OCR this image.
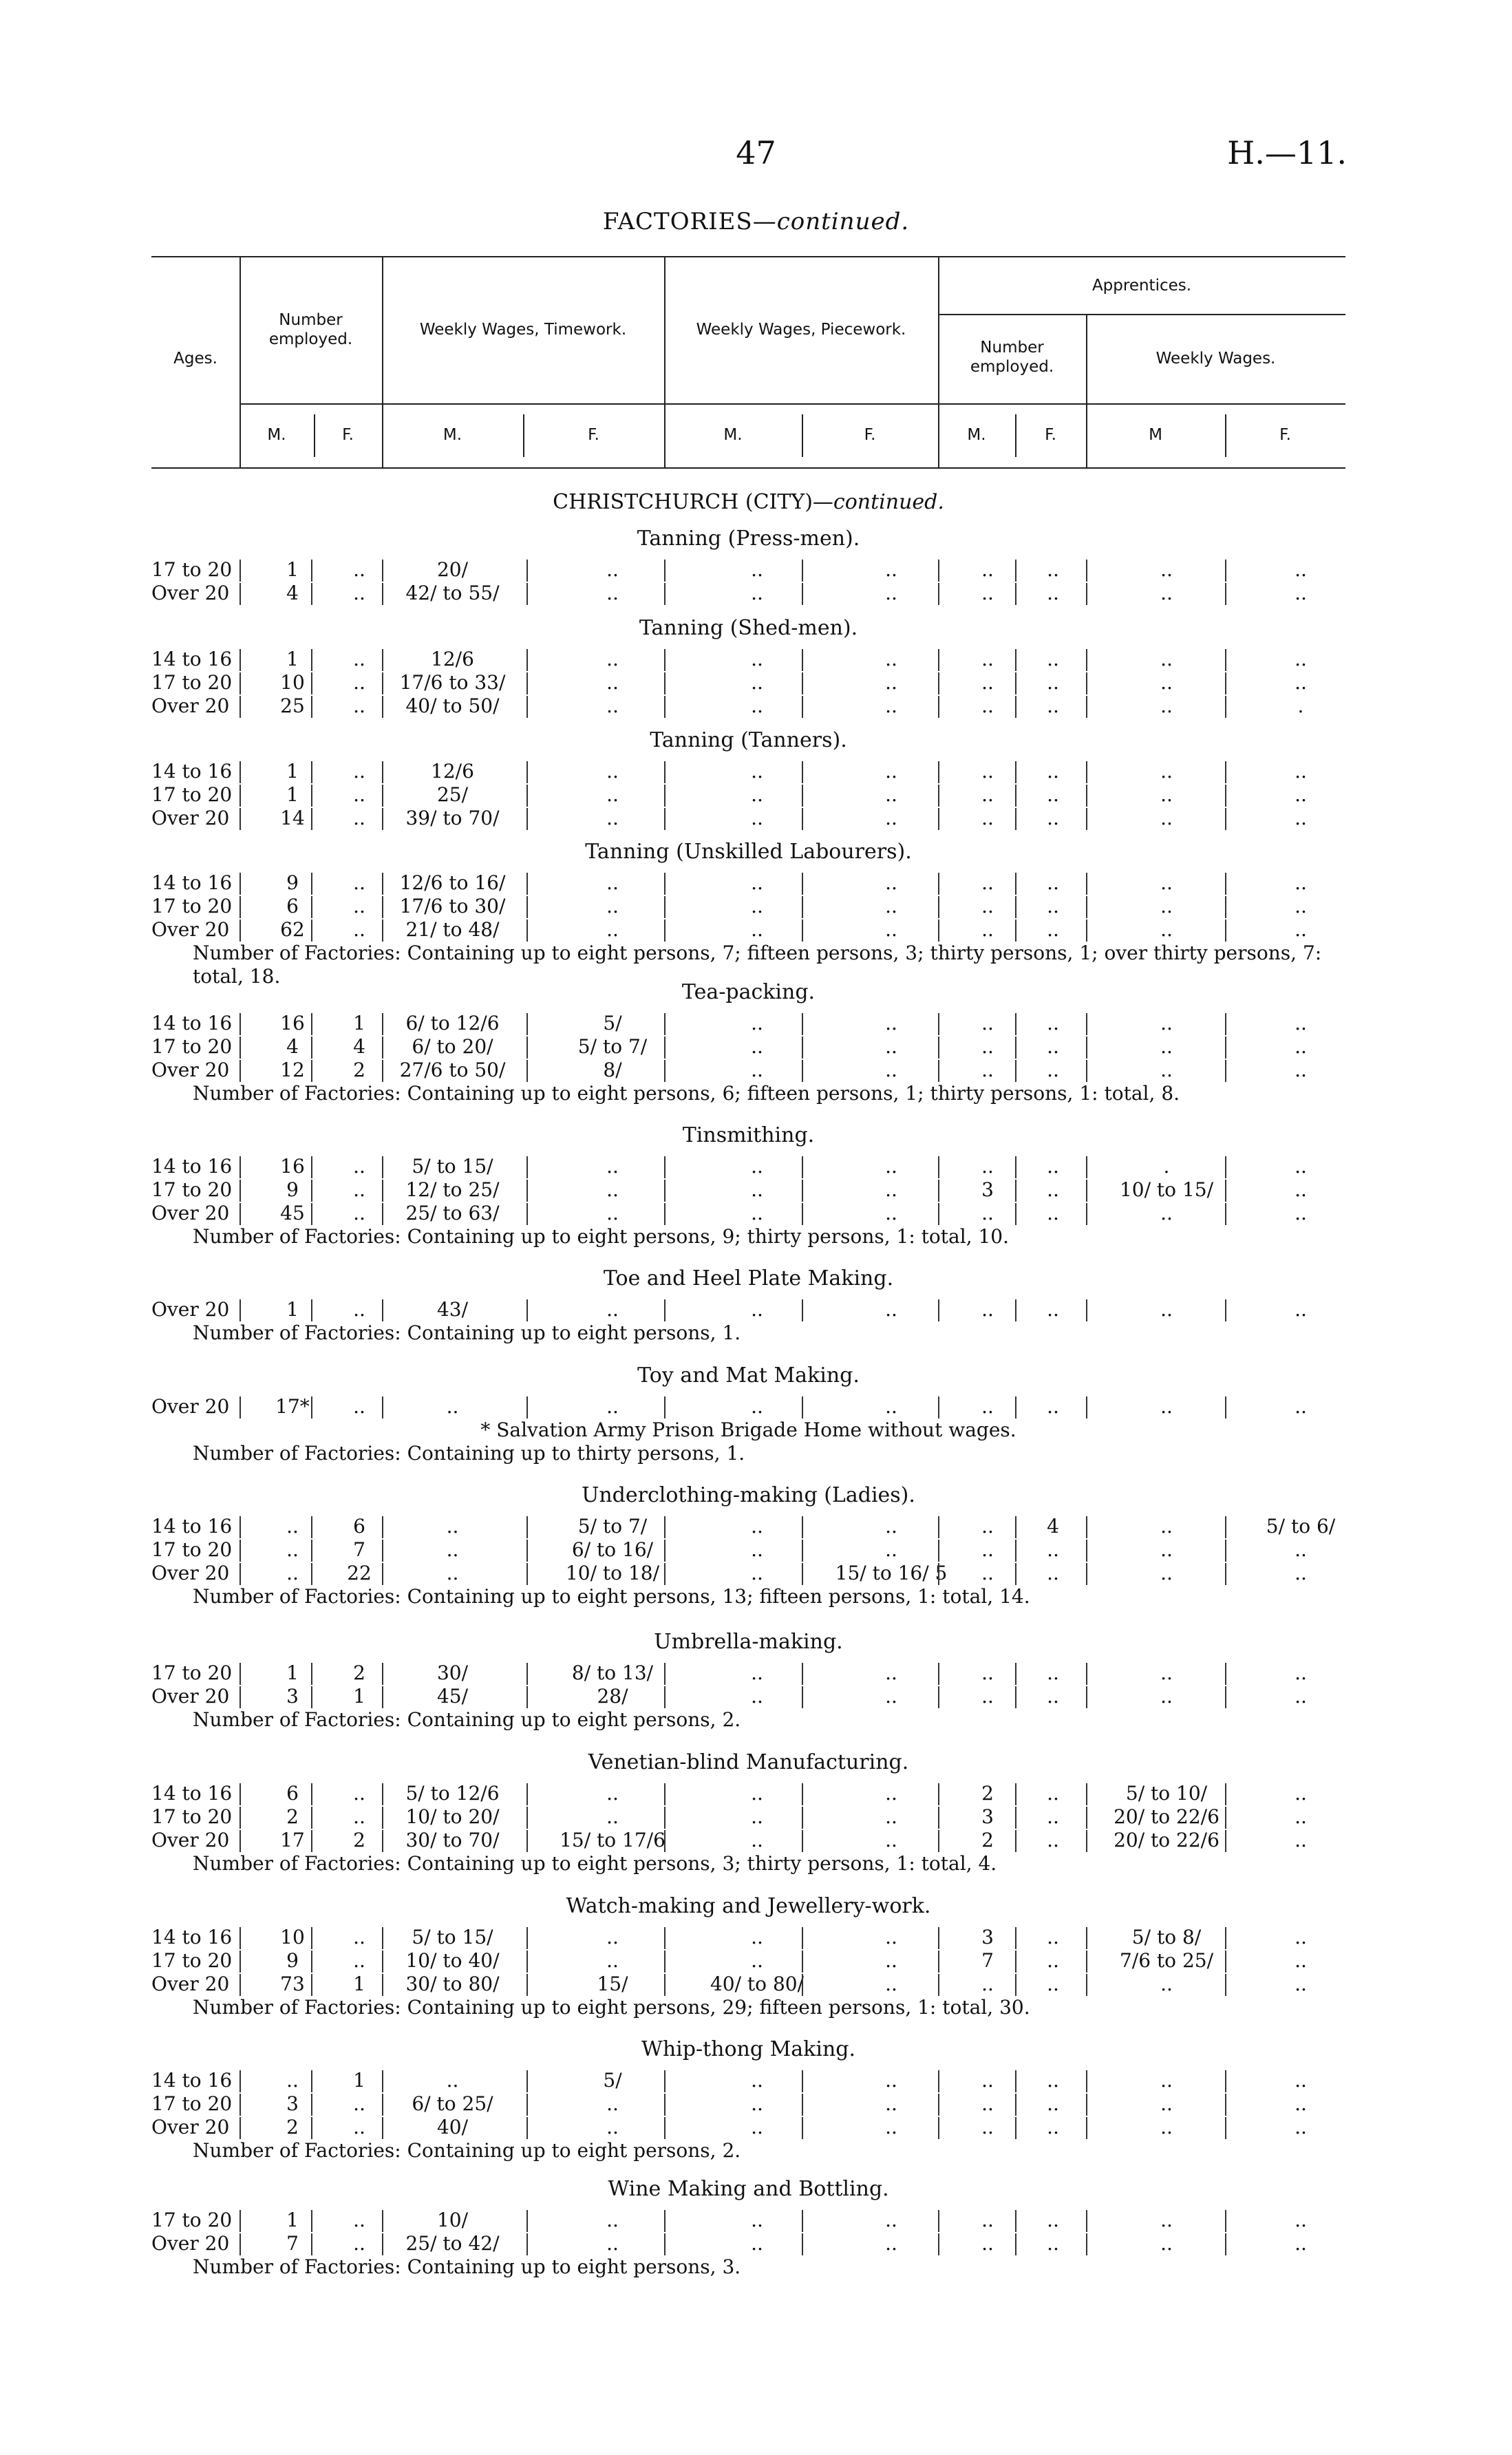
47	H.—11.
FACTORIES—continued.
Ages.
Number employed.
Weekly Wages, Timework.	Weekly Wages, Piecework.
Apprentices.
Number employed.	Weekly Wages.
M.	F.	M.	F.	M.	F.	M.	F.	M	F.
CHRISTCHURCH (CITY)—continued.
Tanning (Press-men).
17 to 20	1	..	20/	..	..	..	..	..	..	..
Over 20	4	..	42/ to 55/	..	..	..	..	..	..	..
Tanning (Shed-men).
14 to 16	1	..	12/6	..	..	..	..	..	..	..
17 to 20	10	..	17/6 to 33/	..	..	..	..	..	..	..
Over 20	25	..	40/ to 50/	..	..	..	..	..	..	.
Tanning (Tanners).
14 to 16	1	..	12/6	..	..	..	..	..	..	..
17 to 20	1	..	25/	..	..	..	..	..	..	..
Over 20	14	..	39/ to 70/	..	..	..	..	..	..	..
Tanning (Unskilled Labourers).
14 to 16	9	..	12/6 to 16/	..	..	..	..	..	..	..
17 to 20	6	..	17/6 to 30/	..	..	..	..	..	..	..
Over 20	62	..	21/ to 48/	..	..	..	..	..	..	..
Number of Factories: Containing up to eight persons, 7; fifteen persons, 3; thirty persons, 1; over thirty persons, 7: total, 18.
Tea-packing.
14 to 16	16	1	6/ to 12/6	5/	..	..	..	..	..	..
17 to 20	4	4	6/ to 20/	5/ to 7/	..	..	..	..	..	..
Over 20	12	2	27/6 to 50/	8/	..	..	..	..	..	..
Number of Factories: Containing up to eight persons, 6; fifteen persons, 1; thirty persons, 1: total, 8.
Tinsmithing.
14 to 16	16	..	5/ to 15/	..	..	..	..	..	.	..
17 to 20	9	..	12/ to 25/	..	..	..	3	..	10/ to 15/	..
Over 20	45	..	25/ to 63/	..	..	..	..	..	..	..
Number of Factories: Containing up to eight persons, 9; thirty persons, 1: total, 10.
Toe and Heel Plate Making.
Over 20	1	..	43/	..	..	..	..	..	..	..
Number of Factories: Containing up to eight persons, 1.
Toy and Mat Making.
Over 20 17*	..	..	..	..	..	..	..	..	..
* Salvation Army Prison Brigade Home without wages.
Number of Factories: Containing up to thirty persons, 1.
Underclothing-making (Ladies).
14 to 16	..	6	..	5/ to 7/	..	..	..	4	..	5/ to 6/
17 to 20	..	7	..	6/ to 16/	..	..	..	..	..	..
Over 20	..	22	..	10/ to 18/	..	15/ to 16/ 5	..	..	..	..
Number of Factories: Containing up to eight persons, 13; fifteen persons, 1: total, 14.
Umbrella-making.
17 to 20	1	2	30/	8/ to 13/	..	..	..	..	..	..
Over 20	3	1	45/	28/	..	..	..	..	..	..
Number of Factories: Containing up to eight persons, 2.
Venetian-blind Manufacturing.
14 to 16	6	..	5/ to 12/6	..	..	..	2	..	5/ to 10/	..
17 to 20	2	..	10/ to 20/	..	..	..	3	..	20/ to 22/6	..
Over 20	17	2	30/ to 70/	15/ to 17/6	..	..	2	..	20/ to 22/6	..
Number of Factories: Containing up to eight persons, 3; thirty persons, 1: total, 4.
Watch-making and Jewellery-work.
14 to 16	10	..	5/ to 15/	..	..	..	3	..	5/ to 8/	..
17 to 20	9	..	10/ to 40/	..	..	..	7	..	7/6 to 25/	..
Over 20	73	1	30/ to 80/	15/	40/ to 80/	..	..	..	..	..
Number of Factories: Containing up to eight persons, 29; fifteen persons, 1: total, 30.
Whip-thong Making.
14 to 16	..	1	..	5/	..	..	..	..	..	..
17 to 20	3	..	6/ to 25/	..	..	..	..	..	..	..
Over 20	2	..	40/	..	..	..	..	..	..	..
Number of Factories: Containing up to eight persons, 2.
Wine Making and Bottling.
17 to 20	1	..	10/	..	..	..	..	..	..	..
Over 20	7	..	25/ to 42/	..	..	..	..	..	..	..
Number of Factories: Containing up to eight persons, 3.
